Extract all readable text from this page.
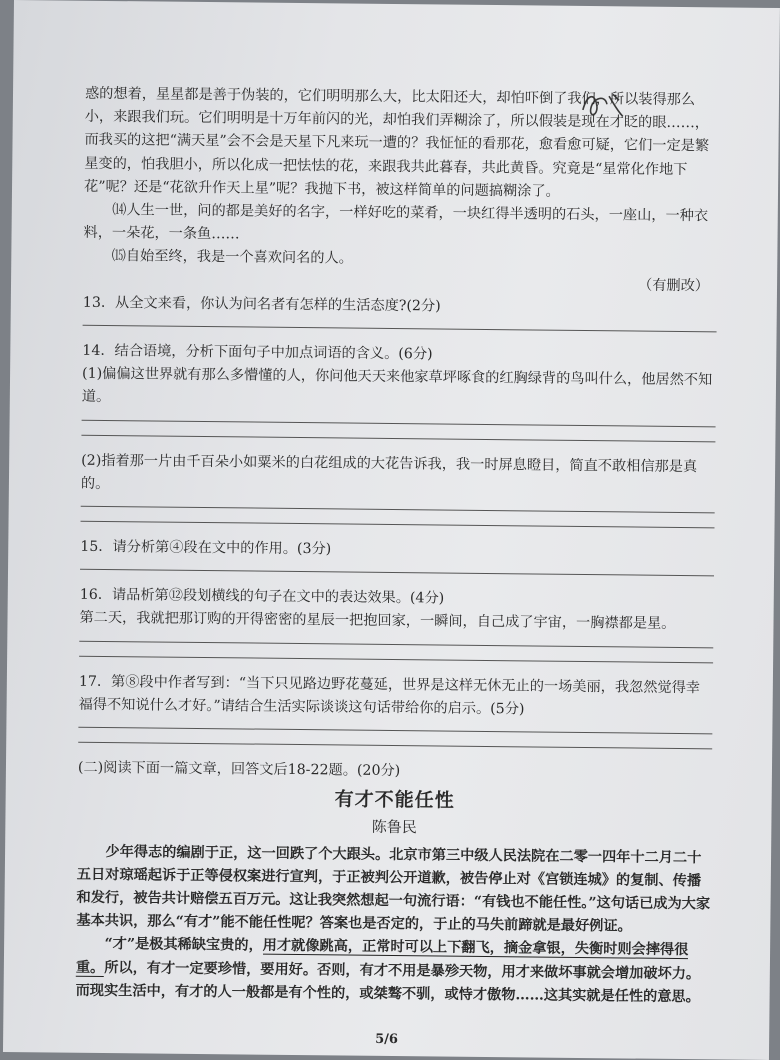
惑的想着，星星都是善于伪装的，它们明明那么大，比太阳还大，却怕吓倒了我们，所以装得那么小，来跟我们玩。它们明明是十万年前闪的光，却怕我们弄糊涂了，所以假装是现在才眨的眼……，而我买的这把“满天星”会不会是天星下凡来玩一遭的？我怔怔的看那花，愈看愈可疑，它们一定是繁星变的，怕我胆小，所以化成一把怯怯的花，来跟我共此暮春，共此黄昏。究竟是“星常化作地下花”呢？还是“花欲升作天上星”呢？我抛下书，被这样简单的问题搞糊涂了。

⒁人生一世，问的都是美好的名字，一样好吃的菜肴，一块红得半透明的石头，一座山，一种衣料，一朵花，一条鱼……

⒂自始至终，我是一个喜欢问名的人。

（有删改）

13．从全文来看，你认为问名者有怎样的生活态度?(2分)

14．结合语境，分析下面句子中加点词语的含义。(6分)

(1)偏偏这世界就有那么多懵懂的人，你问他天天来他家草坪啄食的红胸绿背的鸟叫什么，他居然不知道。

(2)指着那一片由千百朵小如粟米的白花组成的大花告诉我，我一时屏息瞪目，简直不敢相信那是真的。

15．请分析第④段在文中的作用。(3分)

16．请品析第⑫段划横线的句子在文中的表达效果。(4分)

第二天，我就把那订购的开得密密的星辰一把抱回家，一瞬间，自己成了宇宙，一胸襟都是星。

17．第⑧段中作者写到：“当下只见路边野花蔓延，世界是这样无休无止的一场美丽，我忽然觉得幸福得不知说什么才好。”请结合生活实际谈谈这句话带给你的启示。(5分)

(二)阅读下面一篇文章，回答文后18-22题。(20分)

有才不能任性

陈鲁民

少年得志的编剧于正，这一回跌了个大跟头。北京市第三中级人民法院在二零一四年十二月二十五日对琼瑶起诉于正等侵权案进行宣判，于正被判公开道歉，被告停止对《宫锁连城》的复制、传播和发行，被告共计赔偿五百万元。这让我突然想起一句流行语：“有钱也不能任性。”这句话已成为大家基本共识，那么“有才”能不能任性呢？答案也是否定的，于止的马失前蹄就是最好例证。

“才”是极其稀缺宝贵的，用才就像跳高，正常时可以上下翻飞，摘金拿银，失衡时则会摔得很重。所以，有才一定要珍惜，要用好。否则，有才不用是暴殄天物，用才来做坏事就会增加破坏力。而现实生活中，有才的人一般都是有个性的，或桀骜不驯，或恃才傲物……这其实就是任性的意思。

5/6
